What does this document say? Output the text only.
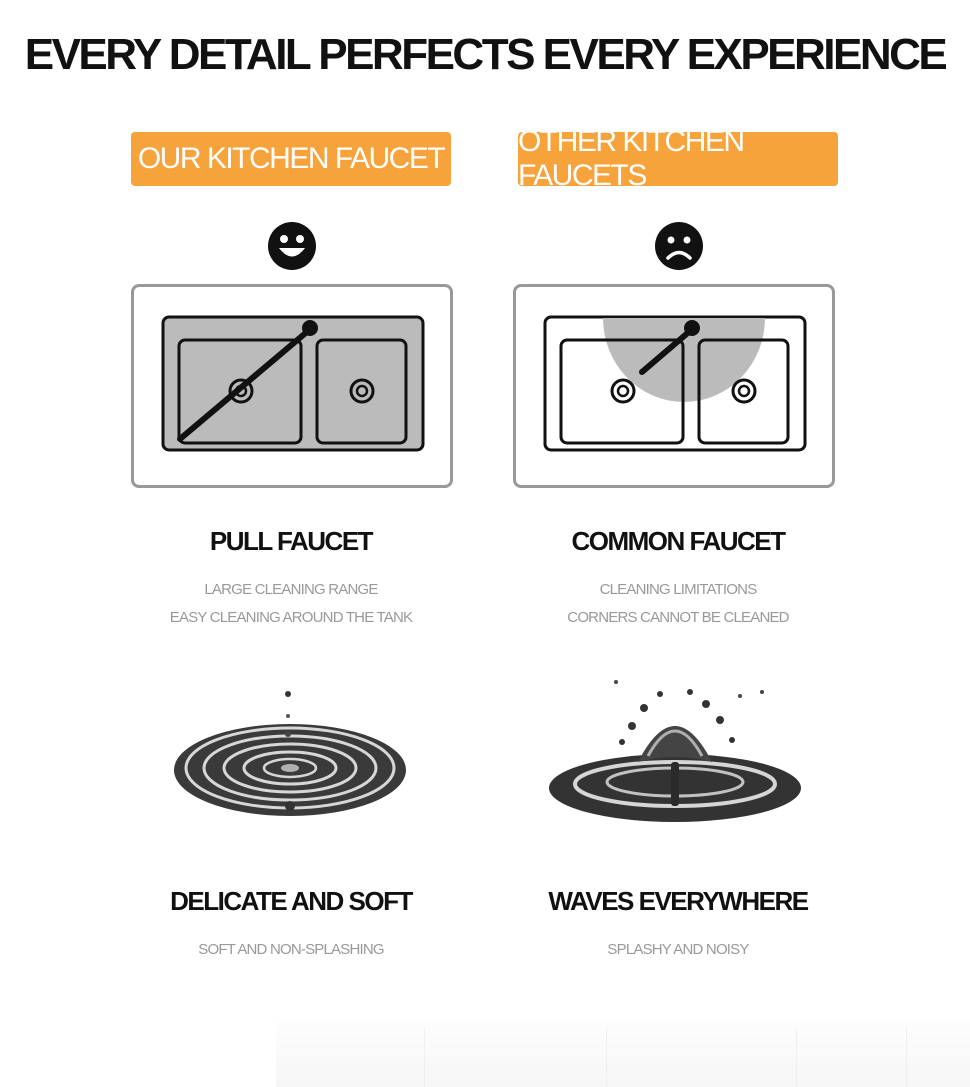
EVERY DETAIL PERFECTS EVERY EXPERIENCE
OUR KITCHEN FAUCET
OTHER KITCHEN FAUCETS
PULL FAUCET
LARGE CLEANING RANGE
EASY CLEANING AROUND THE TANK
COMMON FAUCET
CLEANING LIMITATIONS
CORNERS CANNOT BE CLEANED
DELICATE AND SOFT
SOFT AND NON-SPLASHING
WAVES EVERYWHERE
SPLASHY AND NOISY
